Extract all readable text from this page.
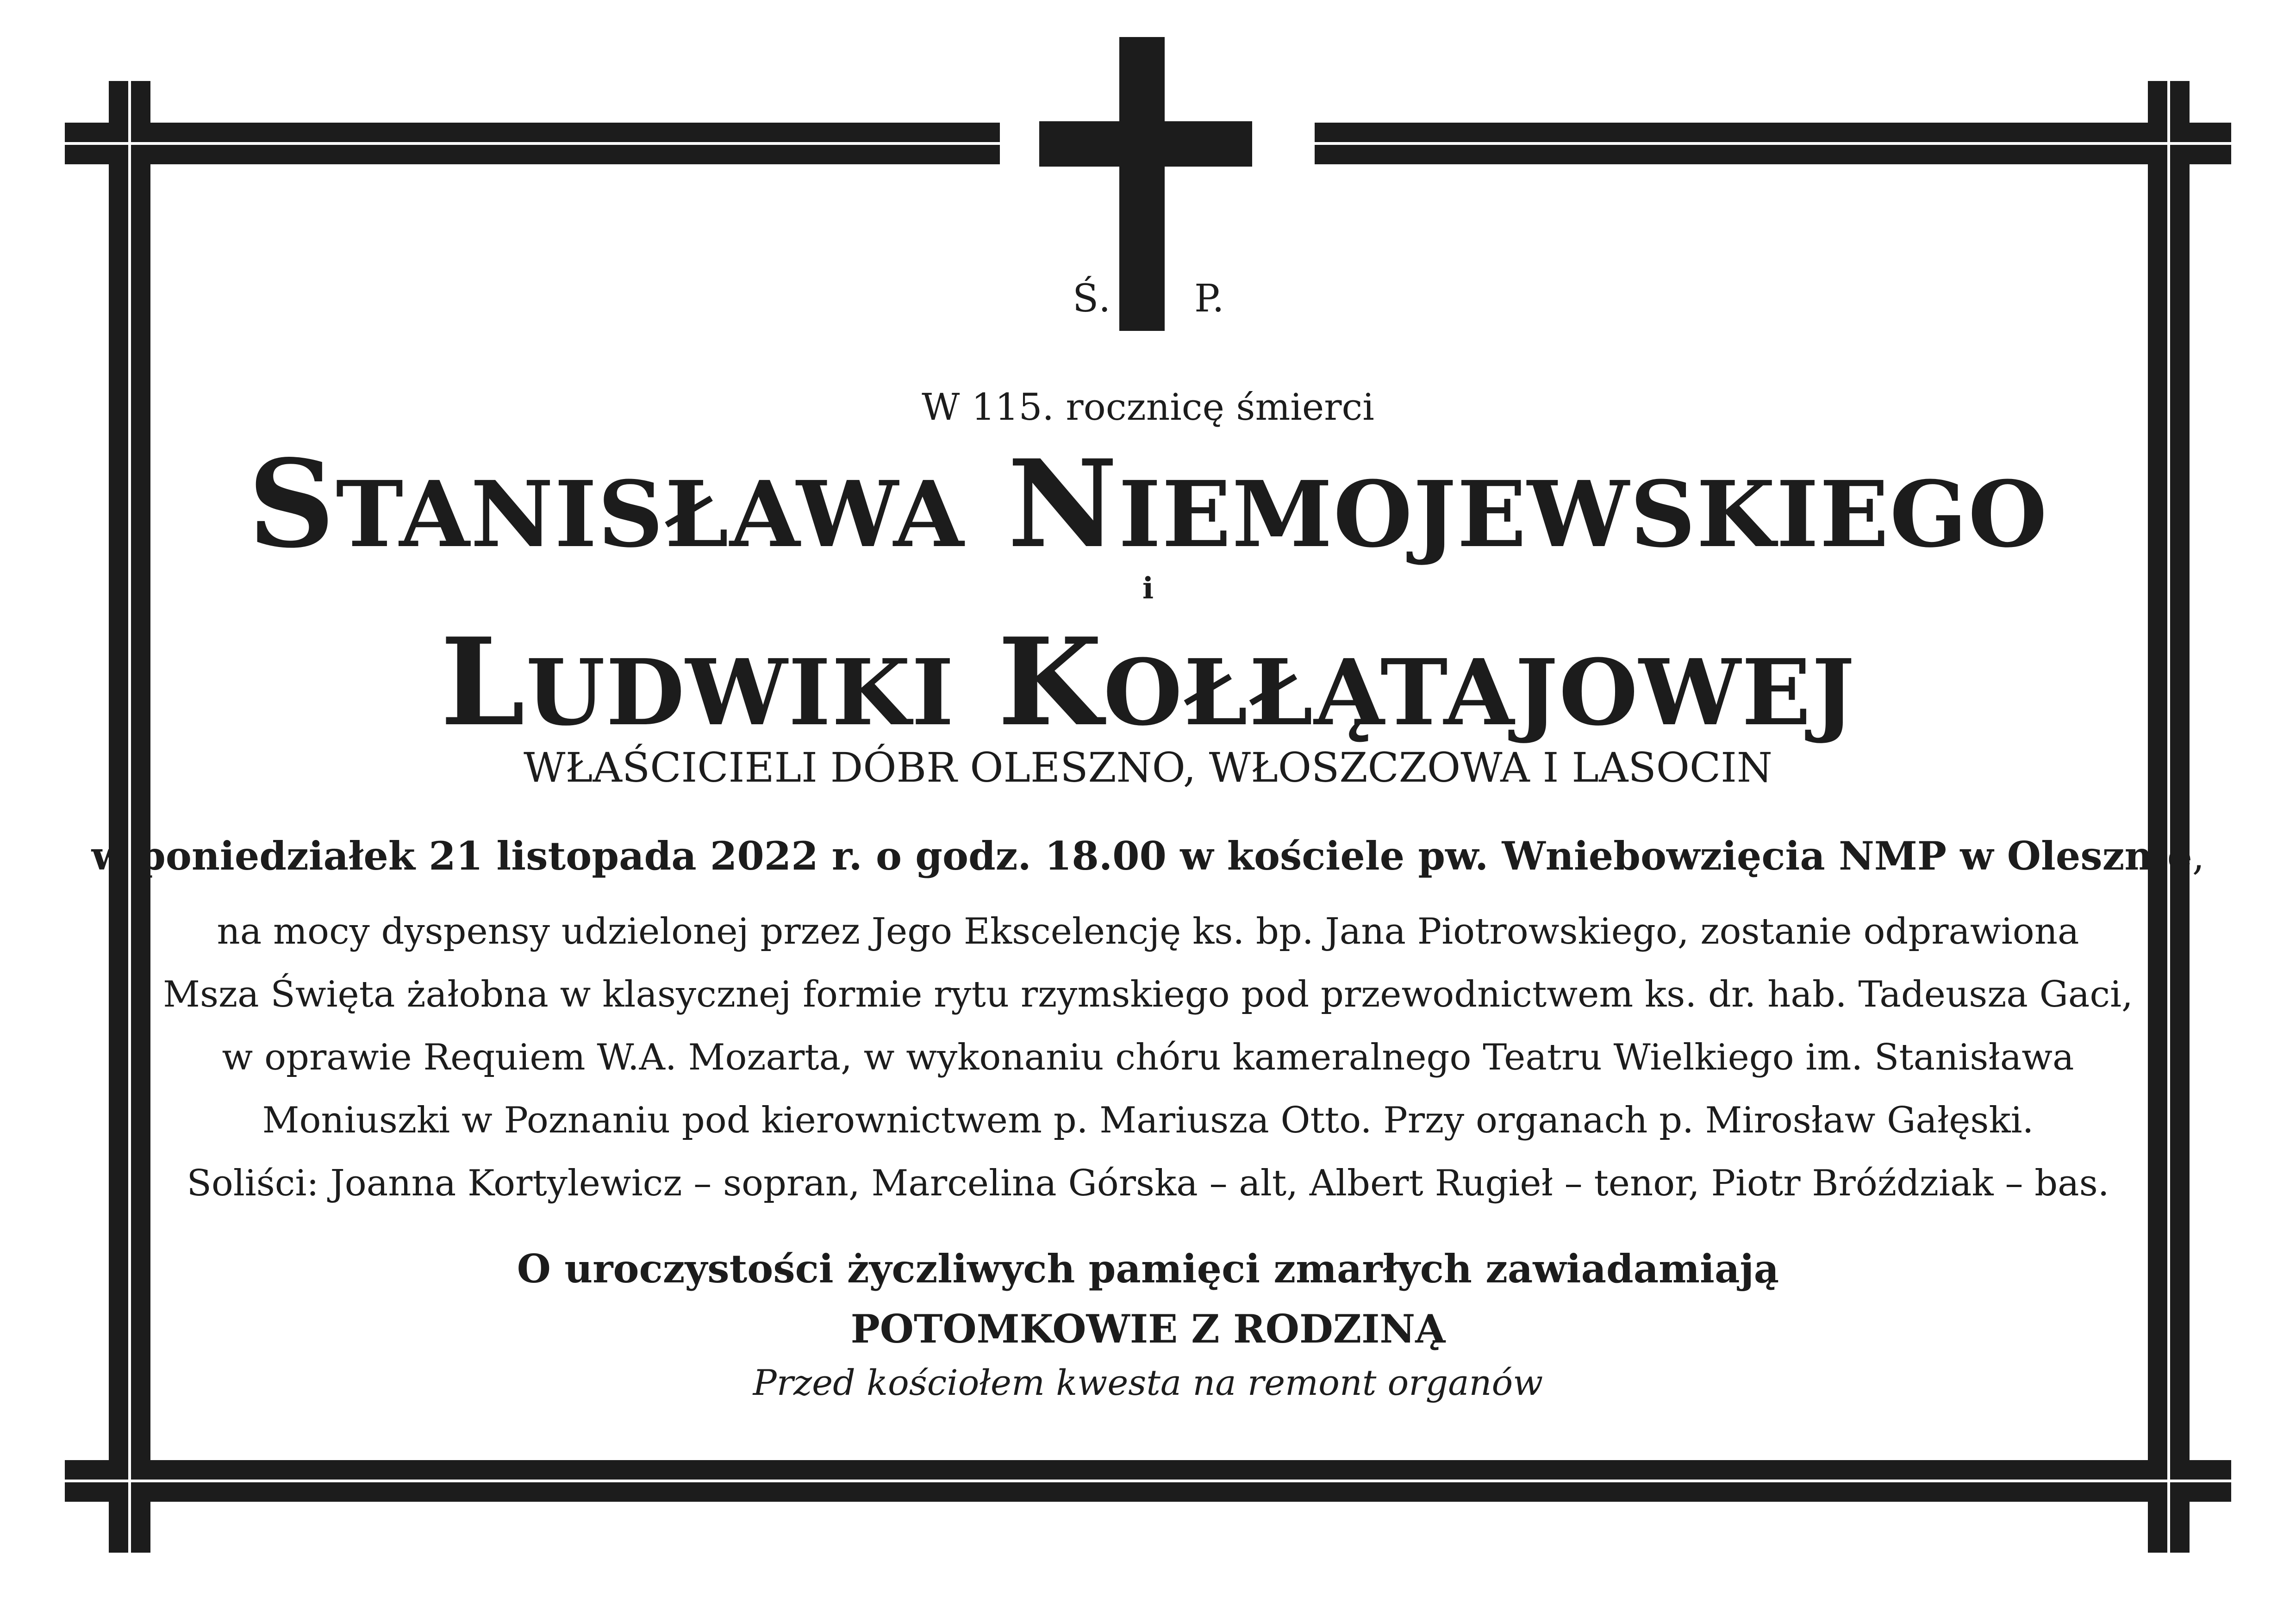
Ś. P.
W 115. rocznicę śmierci
STANISŁAWA NIEMOJEWSKIEGO
i
LUDWIKI KOŁŁĄTAJOWEJ
WŁAŚCICIELI DÓBR OLESZNO, WŁOSZCZOWA I LASOCIN
w poniedziałek 21 listopada 2022 r. o godz. 18.00 w kościele pw. Wniebowzięcia NMP w Olesznie,
na mocy dyspensy udzielonej przez Jego Ekscelencję ks. bp. Jana Piotrowskiego, zostanie odprawiona
Msza Święta żałobna w klasycznej formie rytu rzymskiego pod przewodnictwem ks. dr. hab. Tadeusza Gaci,
w oprawie Requiem W.A. Mozarta, w wykonaniu chóru kameralnego Teatru Wielkiego im. Stanisława
Moniuszki w Poznaniu pod kierownictwem p. Mariusza Otto. Przy organach p. Mirosław Gałęski.
Soliści: Joanna Kortylewicz – sopran, Marcelina Górska – alt, Albert Rugieł – tenor, Piotr Bróździak – bas.
O uroczystości życzliwych pamięci zmarłych zawiadamiają
POTOMKOWIE Z RODZINĄ
Przed kościołem kwesta na remont organów
